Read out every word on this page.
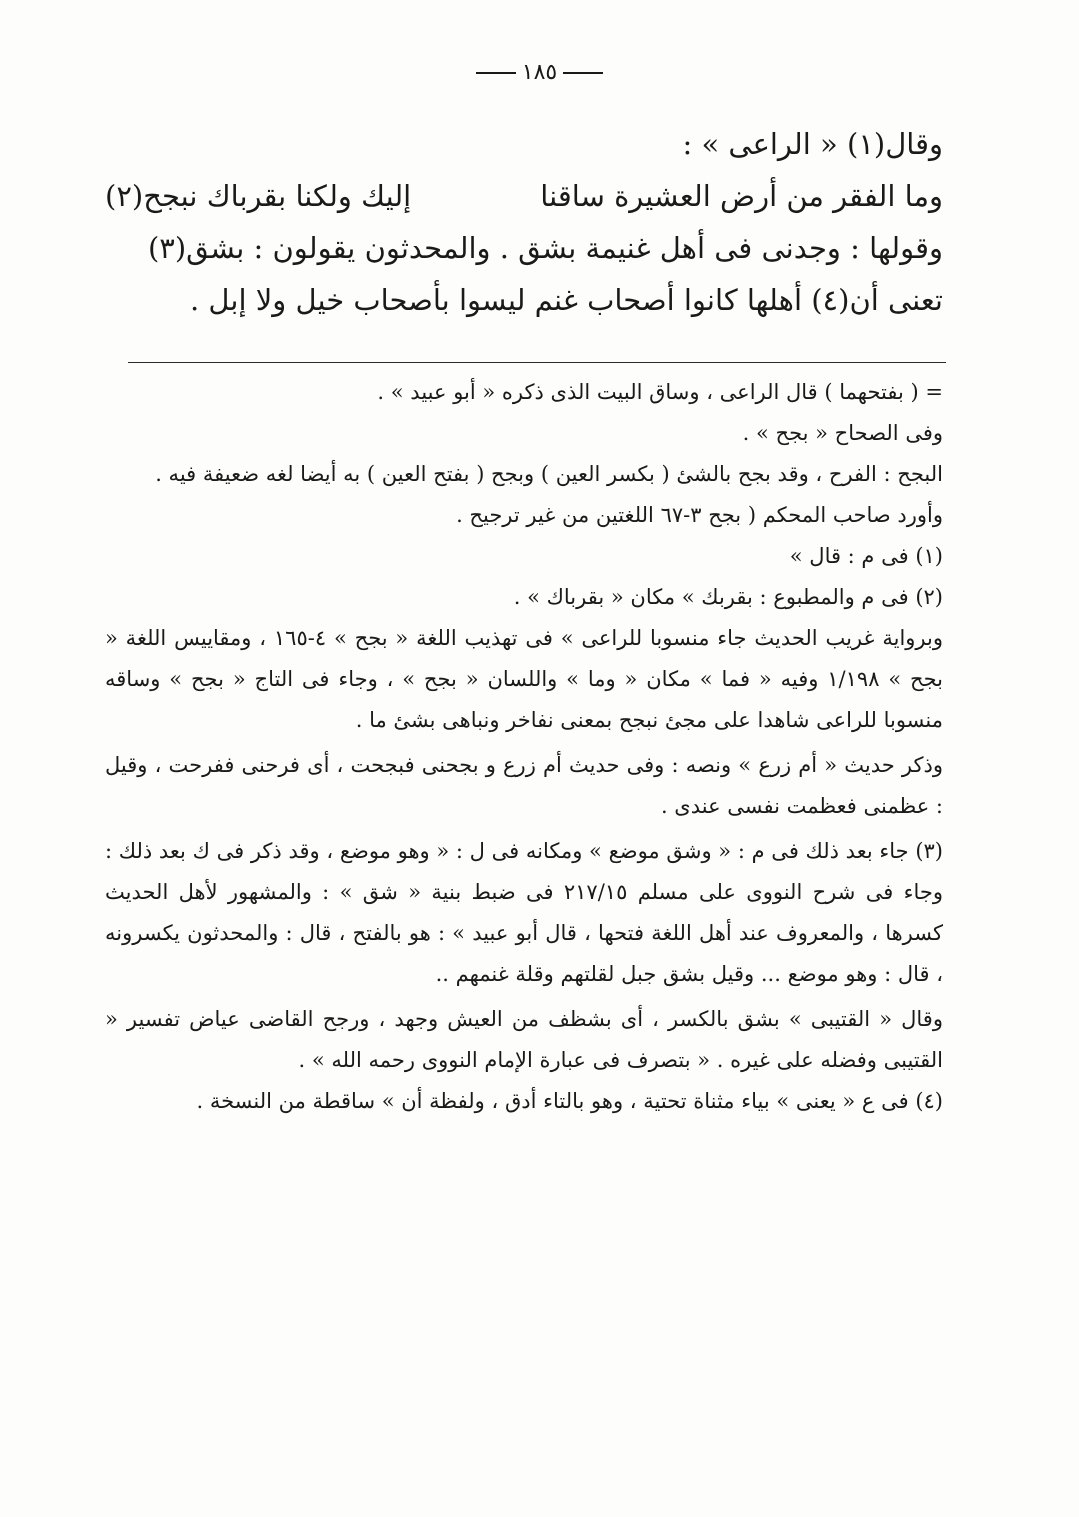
١٨٥

وقال(١) « الراعى » :

وما الفقر من أرض العشيرة ساقنا
إليك ولكنا بقرباك نبجح(٢)

وقولها : وجدنى فى أهل غنيمة بشق . والمحدثون يقولون : بشق(٣)

تعنى أن(٤) أهلها كانوا أصحاب غنم ليسوا بأصحاب خيل ولا إبل .

= ( بفتحهما ) قال الراعى ، وساق البيت الذى ذكره « أبو عبيد » .

وفى الصحاح « بجح » .

البجح : الفرح ، وقد بجح بالشئ ( بكسر العين ) وبجح ( بفتح العين ) به أيضا لغه ضعيفة فيه .

وأورد صاحب المحكم ( بجح ٣-٦٧ اللغتين من غير ترجيح .

(١) فى م : قال »

(٢) فى م والمطبوع : بقربك » مكان « بقرباك » .

وبرواية غريب الحديث جاء منسوبا للراعى » فى تهذيب اللغة « بجح » ٤-١٦٥ ، ومقاييس اللغة « بجح » ١/١٩٨ وفيه « فما » مكان « وما » واللسان « بجح » ، وجاء فى التاج « بجح » وساقه منسوبا للراعى شاهدا على مجئ نبجح بمعنى نفاخر ونباهى بشئ ما .

وذكر حديث « أم زرع » ونصه : وفى حديث أم زرع و بجحنى فبجحت ، أى فرحنى ففرحت ، وقيل : عظمنى فعظمت نفسى عندى .

(٣) جاء بعد ذلك فى م : « وشق موضع » ومكانه فى ل : « وهو موضع ، وقد ذكر فى ك بعد ذلك : وجاء فى شرح النووى على مسلم ٢١٧/١٥ فى ضبط بنية « شق » : والمشهور لأهل الحديث كسرها ، والمعروف عند أهل اللغة فتحها ، قال أبو عبيد » : هو بالفتح ، قال : والمحدثون يكسرونه ، قال : وهو موضع ... وقيل بشق جبل لقلتهم وقلة غنمهم ..

وقال « القتيبى » بشق بالكسر ، أى بشظف من العيش وجهد ، ورجح القاضى عياض تفسير « القتيبى وفضله على غيره . « بتصرف فى عبارة الإمام النووى رحمه الله » .

(٤) فى ع « يعنى » بياء مثناة تحتية ، وهو بالتاء أدق ، ولفظة أن » ساقطة من النسخة .
